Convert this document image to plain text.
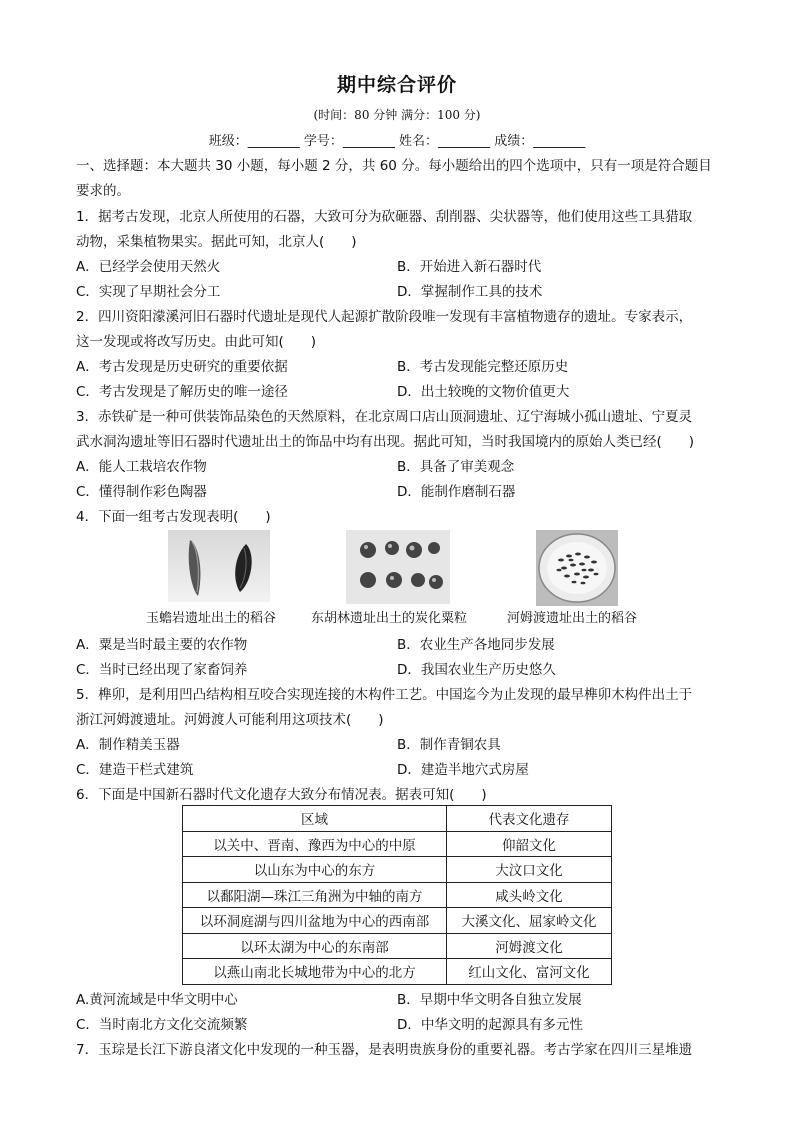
期中综合评价
(时间：80 分钟 满分：100 分)
班级：________ 学号：________ 姓名：________ 成绩：________
一、选择题：本大题共 30 小题，每小题 2 分，共 60 分。每小题给出的四个选项中，只有一项是符合题目
要求的。
1．据考古发现，北京人所使用的石器，大致可分为砍砸器、刮削器、尖状器等，他们使用这些工具猎取
动物，采集植物果实。据此可知，北京人(　　)
A．已经学会使用天然火	B．开始进入新石器时代
C．实现了早期社会分工	D．掌握制作工具的技术
2．四川资阳濛溪河旧石器时代遗址是现代人起源扩散阶段唯一发现有丰富植物遗存的遗址。专家表示，
这一发现或将改写历史。由此可知(　　)
A．考古发现是历史研究的重要依据	B．考古发现能完整还原历史
C．考古发现是了解历史的唯一途径	D．出土较晚的文物价值更大
3．赤铁矿是一种可供装饰品染色的天然原料，在北京周口店山顶洞遗址、辽宁海城小孤山遗址、宁夏灵
武水洞沟遗址等旧石器时代遗址出土的饰品中均有出现。据此可知，当时我国境内的原始人类已经(　　)
A．能人工栽培农作物	B．具备了审美观念
C．懂得制作彩色陶器	D．能制作磨制石器
4．下面一组考古发现表明(　　)
玉蟾岩遗址出土的稻谷	东胡林遗址出土的炭化粟粒	河姆渡遗址出土的稻谷
A．粟是当时最主要的农作物	B．农业生产各地同步发展
C．当时已经出现了家畜饲养	D．我国农业生产历史悠久
5．榫卯，是利用凹凸结构相互咬合实现连接的木构件工艺。中国迄今为止发现的最早榫卯木构件出土于
浙江河姆渡遗址。河姆渡人可能利用这项技术(　　)
A．制作精美玉器	B．制作青铜农具
C．建造干栏式建筑	D．建造半地穴式房屋
6．下面是中国新石器时代文化遗存大致分布情况表。据表可知(　　)
区域	代表文化遗存
以关中、晋南、豫西为中心的中原	仰韶文化
以山东为中心的东方	大汶口文化
以鄱阳湖—珠江三角洲为中轴的南方	咸头岭文化
以环洞庭湖与四川盆地为中心的西南部	大溪文化、屈家岭文化
以环太湖为中心的东南部	河姆渡文化
以燕山南北长城地带为中心的北方	红山文化、富河文化
A.黄河流域是中华文明中心	B．早期中华文明各自独立发展
C．当时南北方文化交流频繁	D．中华文明的起源具有多元性
7．玉琮是长江下游良渚文化中发现的一种玉器，是表明贵族身份的重要礼器。考古学家在四川三星堆遗
